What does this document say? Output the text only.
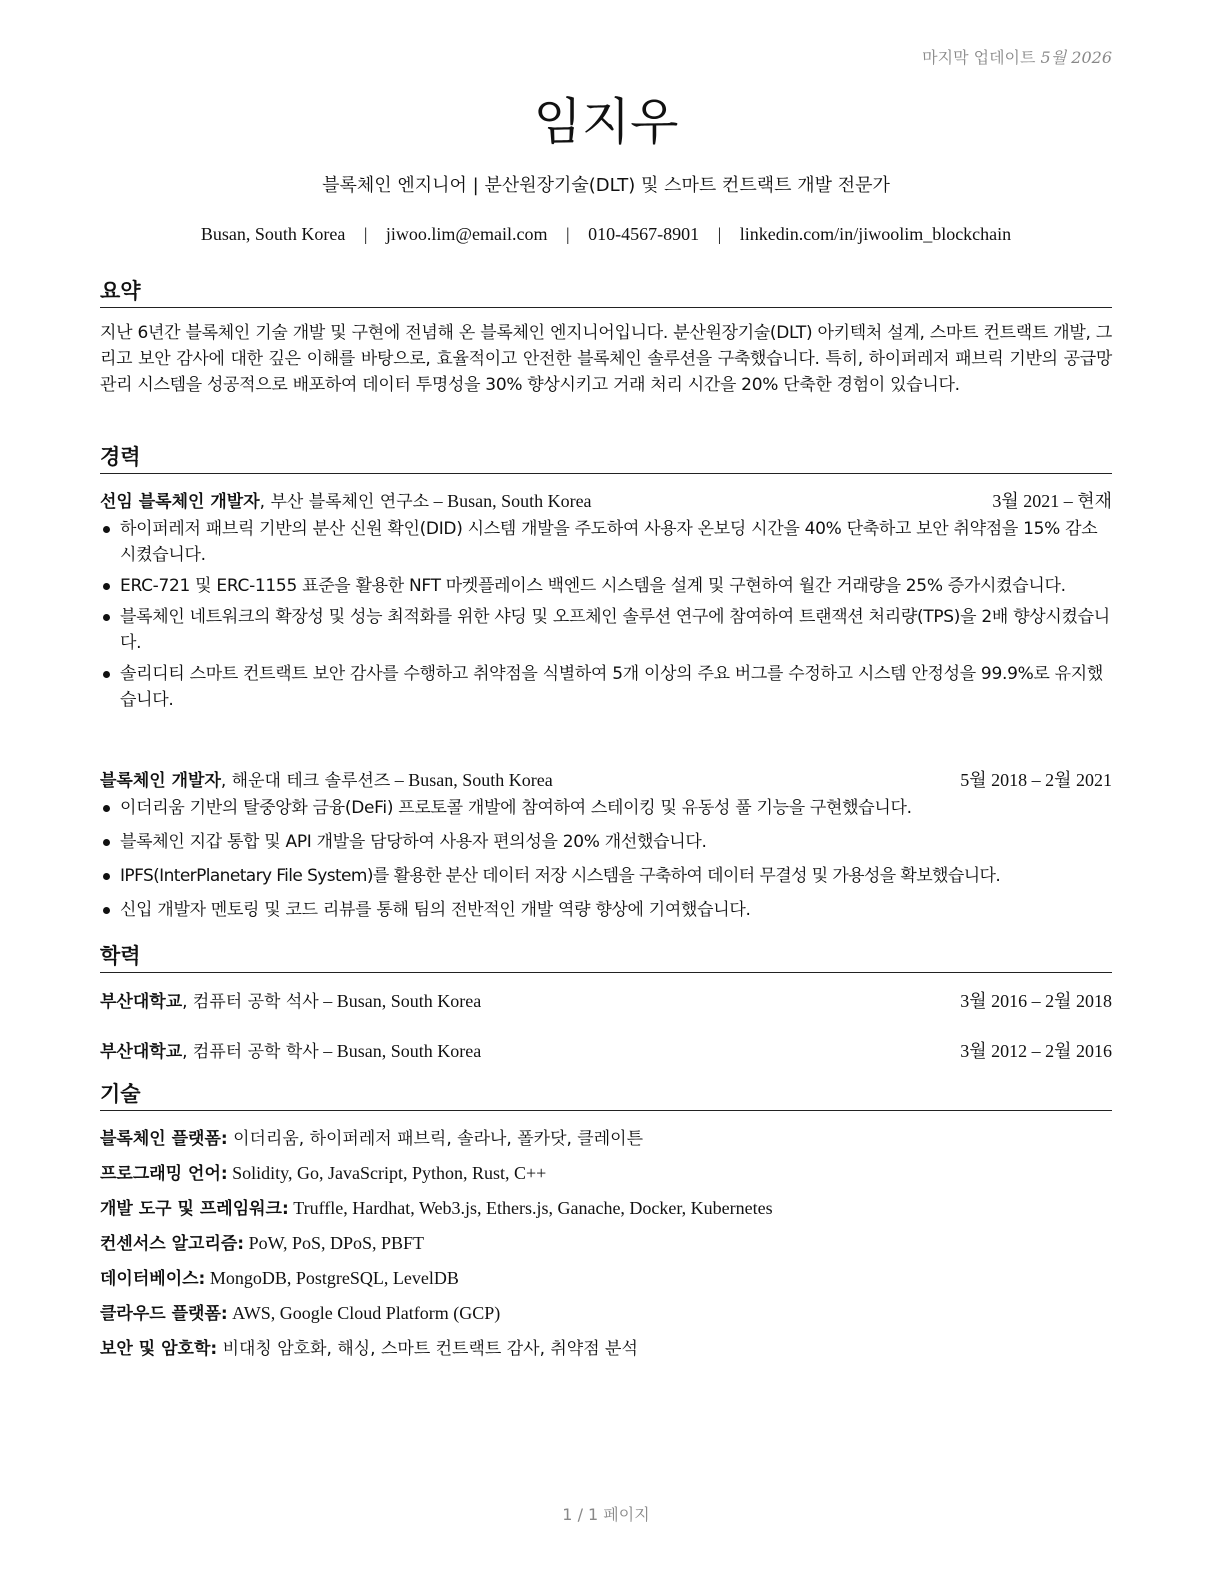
마지막 업데이트 5월 2026
임지우
블록체인 엔지니어 | 분산원장기술(DLT) 및 스마트 컨트랙트 개발 전문가
Busan, South Korea | jiwoo.lim@email.com | 010-4567-8901 | linkedin.com/in/jiwoolim_blockchain
요약
지난 6년간 블록체인 기술 개발 및 구현에 전념해 온 블록체인 엔지니어입니다. 분산원장기술(DLT) 아키텍처 설계, 스마트 컨트랙트 개발, 그리고 보안 감사에 대한 깊은 이해를 바탕으로, 효율적이고 안전한 블록체인 솔루션을 구축했습니다. 특히, 하이퍼레저 패브릭 기반의 공급망 관리 시스템을 성공적으로 배포하여 데이터 투명성을 30% 향상시키고 거래 처리 시간을 20% 단축한 경험이 있습니다.
경력
선임 블록체인 개발자, 부산 블록체인 연구소 – Busan, South Korea	3월 2021 – 현재
하이퍼레저 패브릭 기반의 분산 신원 확인(DID) 시스템 개발을 주도하여 사용자 온보딩 시간을 40% 단축하고 보안 취약점을 15% 감소시켰습니다.
ERC-721 및 ERC-1155 표준을 활용한 NFT 마켓플레이스 백엔드 시스템을 설계 및 구현하여 월간 거래량을 25% 증가시켰습니다.
블록체인 네트워크의 확장성 및 성능 최적화를 위한 샤딩 및 오프체인 솔루션 연구에 참여하여 트랜잭션 처리량(TPS)을 2배 향상시켰습니다.
솔리디티 스마트 컨트랙트 보안 감사를 수행하고 취약점을 식별하여 5개 이상의 주요 버그를 수정하고 시스템 안정성을 99.9%로 유지했습니다.
블록체인 개발자, 해운대 테크 솔루션즈 – Busan, South Korea	5월 2018 – 2월 2021
이더리움 기반의 탈중앙화 금융(DeFi) 프로토콜 개발에 참여하여 스테이킹 및 유동성 풀 기능을 구현했습니다.
블록체인 지갑 통합 및 API 개발을 담당하여 사용자 편의성을 20% 개선했습니다.
IPFS(InterPlanetary File System)를 활용한 분산 데이터 저장 시스템을 구축하여 데이터 무결성 및 가용성을 확보했습니다.
신입 개발자 멘토링 및 코드 리뷰를 통해 팀의 전반적인 개발 역량 향상에 기여했습니다.
학력
부산대학교, 컴퓨터 공학 석사 – Busan, South Korea	3월 2016 – 2월 2018
부산대학교, 컴퓨터 공학 학사 – Busan, South Korea	3월 2012 – 2월 2016
기술
블록체인 플랫폼: 이더리움, 하이퍼레저 패브릭, 솔라나, 폴카닷, 클레이튼
프로그래밍 언어: Solidity, Go, JavaScript, Python, Rust, C++
개발 도구 및 프레임워크: Truffle, Hardhat, Web3.js, Ethers.js, Ganache, Docker, Kubernetes
컨센서스 알고리즘: PoW, PoS, DPoS, PBFT
데이터베이스: MongoDB, PostgreSQL, LevelDB
클라우드 플랫폼: AWS, Google Cloud Platform (GCP)
보안 및 암호학: 비대칭 암호화, 해싱, 스마트 컨트랙트 감사, 취약점 분석
1 / 1 페이지
